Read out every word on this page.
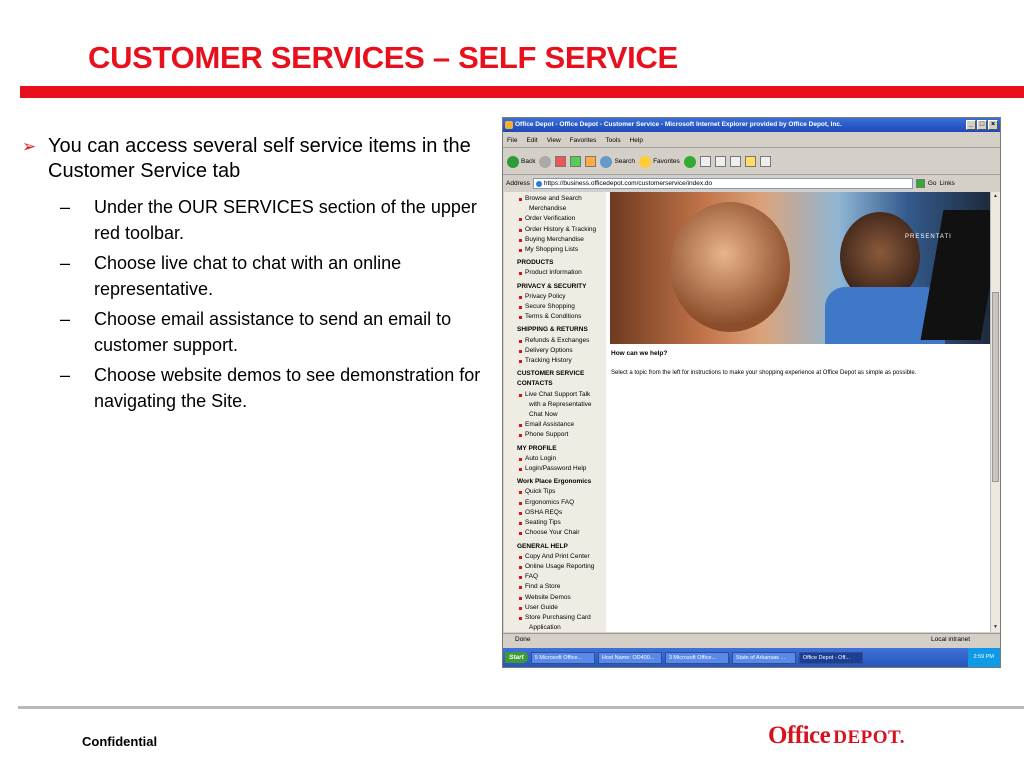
CUSTOMER SERVICES – SELF SERVICE
➢ You can access several self service items in the Customer Service tab
– Under the OUR SERVICES section of the upper red toolbar.
– Choose live chat to chat with an online representative.
– Choose email assistance to send an email to customer support.
– Choose website demos to see demonstration for navigating the Site.
Office Depot - Office Depot - Customer Service - Microsoft Internet Explorer provided by Office Depot, Inc.	_ □ ×
File Edit View Favorites Tools Help
Back	Search	Favorites
Address	https://business.officedepot.com/customerservice/index.do	Go Links
Browse and Search
Merchandise
Order Verification
Order History & Tracking
Buying Merchandise
My Shopping Lists
PRODUCTS
Product Information
PRIVACY & SECURITY
Privacy Policy
Secure Shopping
Terms & Conditions
SHIPPING & RETURNS
Refunds & Exchanges
Delivery Options
Tracking History
CUSTOMER SERVICE
CONTACTS
Live Chat Support Talk
with a Representative
Chat Now
Email Assistance
Phone Support
MY PROFILE
Auto Login
Login/Password Help
Work Place Ergonomics
Quick Tips
Ergonomics FAQ
OSHA REQs
Seating Tips
Choose Your Chair
GENERAL HELP
Copy And Print Center
Online Usage Reporting
FAQ
Find a Store
Website Demos
User Guide
Store Purchasing Card
Application
PRESENTATI
How can we help?
Select a topic from the left for instructions to make your shopping experience at Office Depot as simple as possible.
▲
▼
Done	Local intranet
Start	5 Microsoft Office...	Host Name: OD400...	3 Microsoft Office...	State of Arkansas ...	Office Depot - Off...	2:59 PM
Confidential	Office DEPOT.
